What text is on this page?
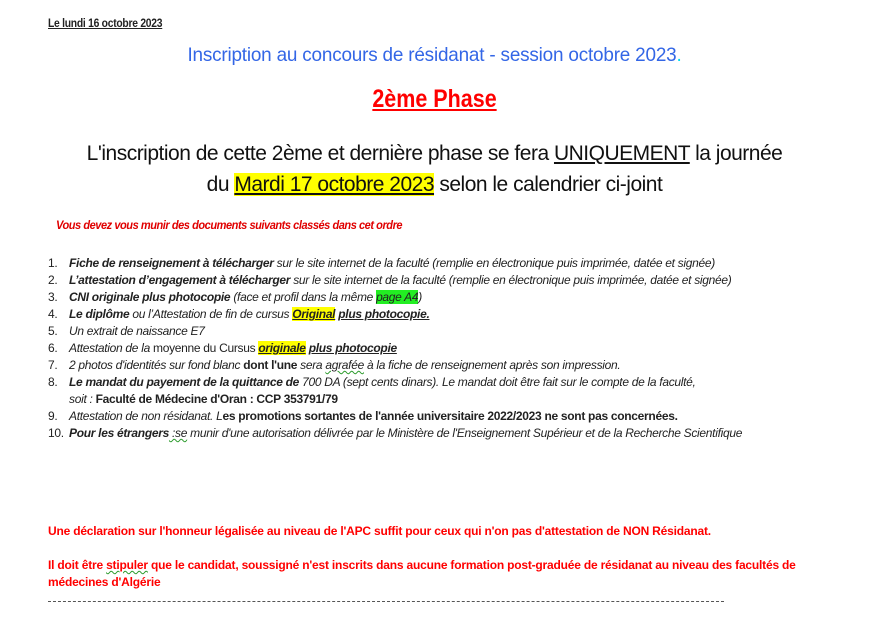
Le lundi 16 octobre 2023
Inscription au concours de résidanat - session octobre 2023.
2ème Phase
L'inscription de cette 2ème et dernière phase se fera UNIQUEMENT la journée
du Mardi 17 octobre 2023 selon le calendrier ci-joint
Vous devez vous munir des documents suivants classés dans cet ordre
1. Fiche de renseignement à télécharger sur le site internet de la faculté (remplie en électronique puis imprimée, datée et signée)
2. L’attestation d’engagement à télécharger sur le site internet de la faculté (remplie en électronique puis imprimée, datée et signée)
3. CNI originale plus photocopie (face et profil dans la même page A4)
4. Le diplôme ou l’Attestation de fin de cursus Original plus photocopie.
5. Un extrait de naissance E7
6. Attestation de la moyenne du Cursus originale plus photocopie
7. 2 photos d'identités sur fond blanc dont l'une sera agrafée à la fiche de renseignement après son impression.
8. Le mandat du payement de la quittance de 700 DA (sept cents dinars). Le mandat doit être fait sur le compte de la faculté,
soit : Faculté de Médecine d'Oran : CCP 353791/79
9. Attestation de non résidanat. Les promotions sortantes de l'année universitaire 2022/2023 ne sont pas concernées.
10. Pour les étrangers :se munir d'une autorisation délivrée par le Ministère de l'Enseignement Supérieur et de la Recherche Scientifique
Une déclaration sur l'honneur légalisée au niveau de l'APC suffit pour ceux qui n'on pas d'attestation de NON Résidanat.
Il doit être stipuler que le candidat, soussigné n'est inscrits dans aucune formation post-graduée de résidanat au niveau des facultés de médecines d'Algérie
